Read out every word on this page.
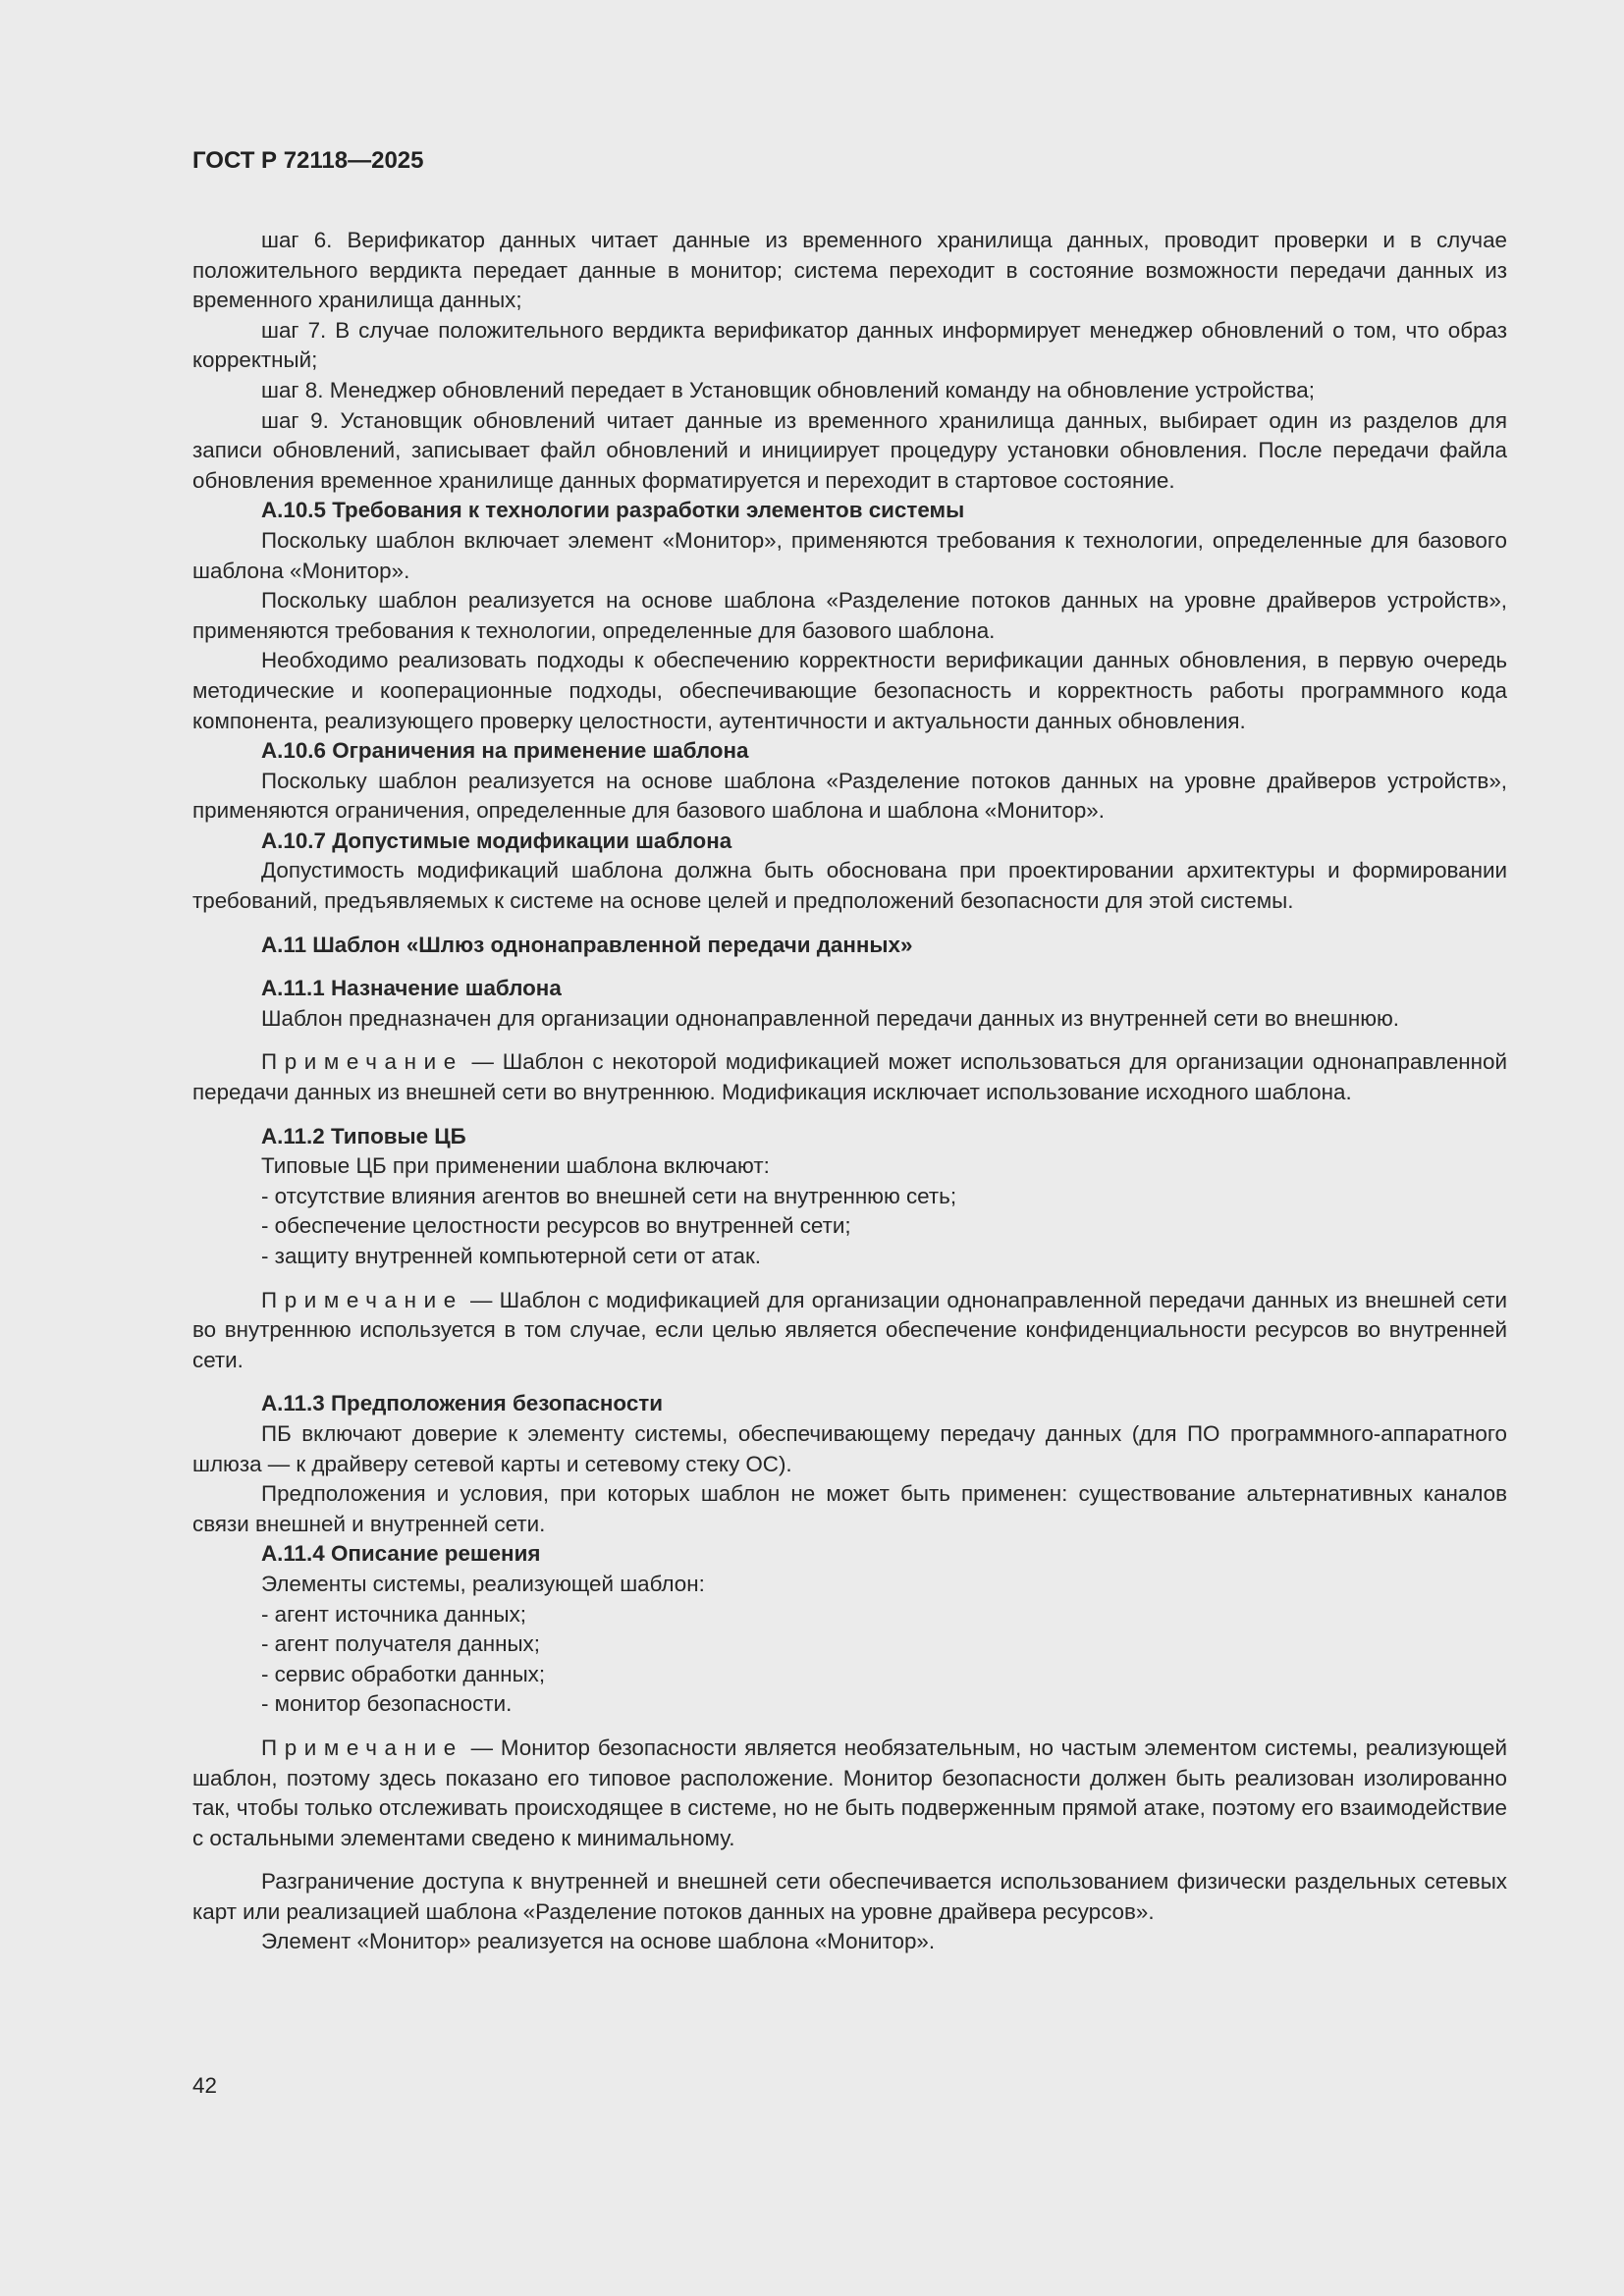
ГОСТ Р 72118—2025

шаг 6. Верификатор данных читает данные из временного хранилища данных, проводит проверки и в случае положительного вердикта передает данные в монитор; система переходит в состояние возможности передачи данных из временного хранилища данных;

шаг 7. В случае положительного вердикта верификатор данных информирует менеджер обновлений о том, что образ корректный;

шаг 8. Менеджер обновлений передает в Установщик обновлений команду на обновление устройства;

шаг 9. Установщик обновлений читает данные из временного хранилища данных, выбирает один из разделов для записи обновлений, записывает файл обновлений и инициирует процедуру установки обновления. После передачи файла обновления временное хранилище данных форматируется и переходит в стартовое состояние.

А.10.5 Требования к технологии разработки элементов системы

Поскольку шаблон включает элемент «Монитор», применяются требования к технологии, определенные для базового шаблона «Монитор».

Поскольку шаблон реализуется на основе шаблона «Разделение потоков данных на уровне драйверов устройств», применяются требования к технологии, определенные для базового шаблона.

Необходимо реализовать подходы к обеспечению корректности верификации данных обновления, в первую очередь методические и кооперационные подходы, обеспечивающие безопасность и корректность работы программного кода компонента, реализующего проверку целостности, аутентичности и актуальности данных обновления.

А.10.6 Ограничения на применение шаблона

Поскольку шаблон реализуется на основе шаблона «Разделение потоков данных на уровне драйверов устройств», применяются ограничения, определенные для базового шаблона и шаблона «Монитор».

А.10.7 Допустимые модификации шаблона

Допустимость модификаций шаблона должна быть обоснована при проектировании архитектуры и формировании требований, предъявляемых к системе на основе целей и предположений безопасности для этой системы.

А.11 Шаблон «Шлюз однонаправленной передачи данных»

А.11.1 Назначение шаблона

Шаблон предназначен для организации однонаправленной передачи данных из внутренней сети во внешнюю.

Примечание — Шаблон с некоторой модификацией может использоваться для организации однонаправленной передачи данных из внешней сети во внутреннюю. Модификация исключает использование исходного шаблона.

А.11.2 Типовые ЦБ

Типовые ЦБ при применении шаблона включают:

- отсутствие влияния агентов во внешней сети на внутреннюю сеть;

- обеспечение целостности ресурсов во внутренней сети;

- защиту внутренней компьютерной сети от атак.

Примечание — Шаблон с модификацией для организации однонаправленной передачи данных из внешней сети во внутреннюю используется в том случае, если целью является обеспечение конфиденциальности ресурсов во внутренней сети.

А.11.3 Предположения безопасности

ПБ включают доверие к элементу системы, обеспечивающему передачу данных (для ПО программного-аппаратного шлюза — к драйверу сетевой карты и сетевому стеку ОС).

Предположения и условия, при которых шаблон не может быть применен: существование альтернативных каналов связи внешней и внутренней сети.

А.11.4 Описание решения

Элементы системы, реализующей шаблон:

- агент источника данных;

- агент получателя данных;

- сервис обработки данных;

- монитор безопасности.

Примечание — Монитор безопасности является необязательным, но частым элементом системы, реализующей шаблон, поэтому здесь показано его типовое расположение. Монитор безопасности должен быть реализован изолированно так, чтобы только отслеживать происходящее в системе, но не быть подверженным прямой атаке, поэтому его взаимодействие с остальными элементами сведено к минимальному.

Разграничение доступа к внутренней и внешней сети обеспечивается использованием физически раздельных сетевых карт или реализацией шаблона «Разделение потоков данных на уровне драйвера ресурсов».

Элемент «Монитор» реализуется на основе шаблона «Монитор».

42
